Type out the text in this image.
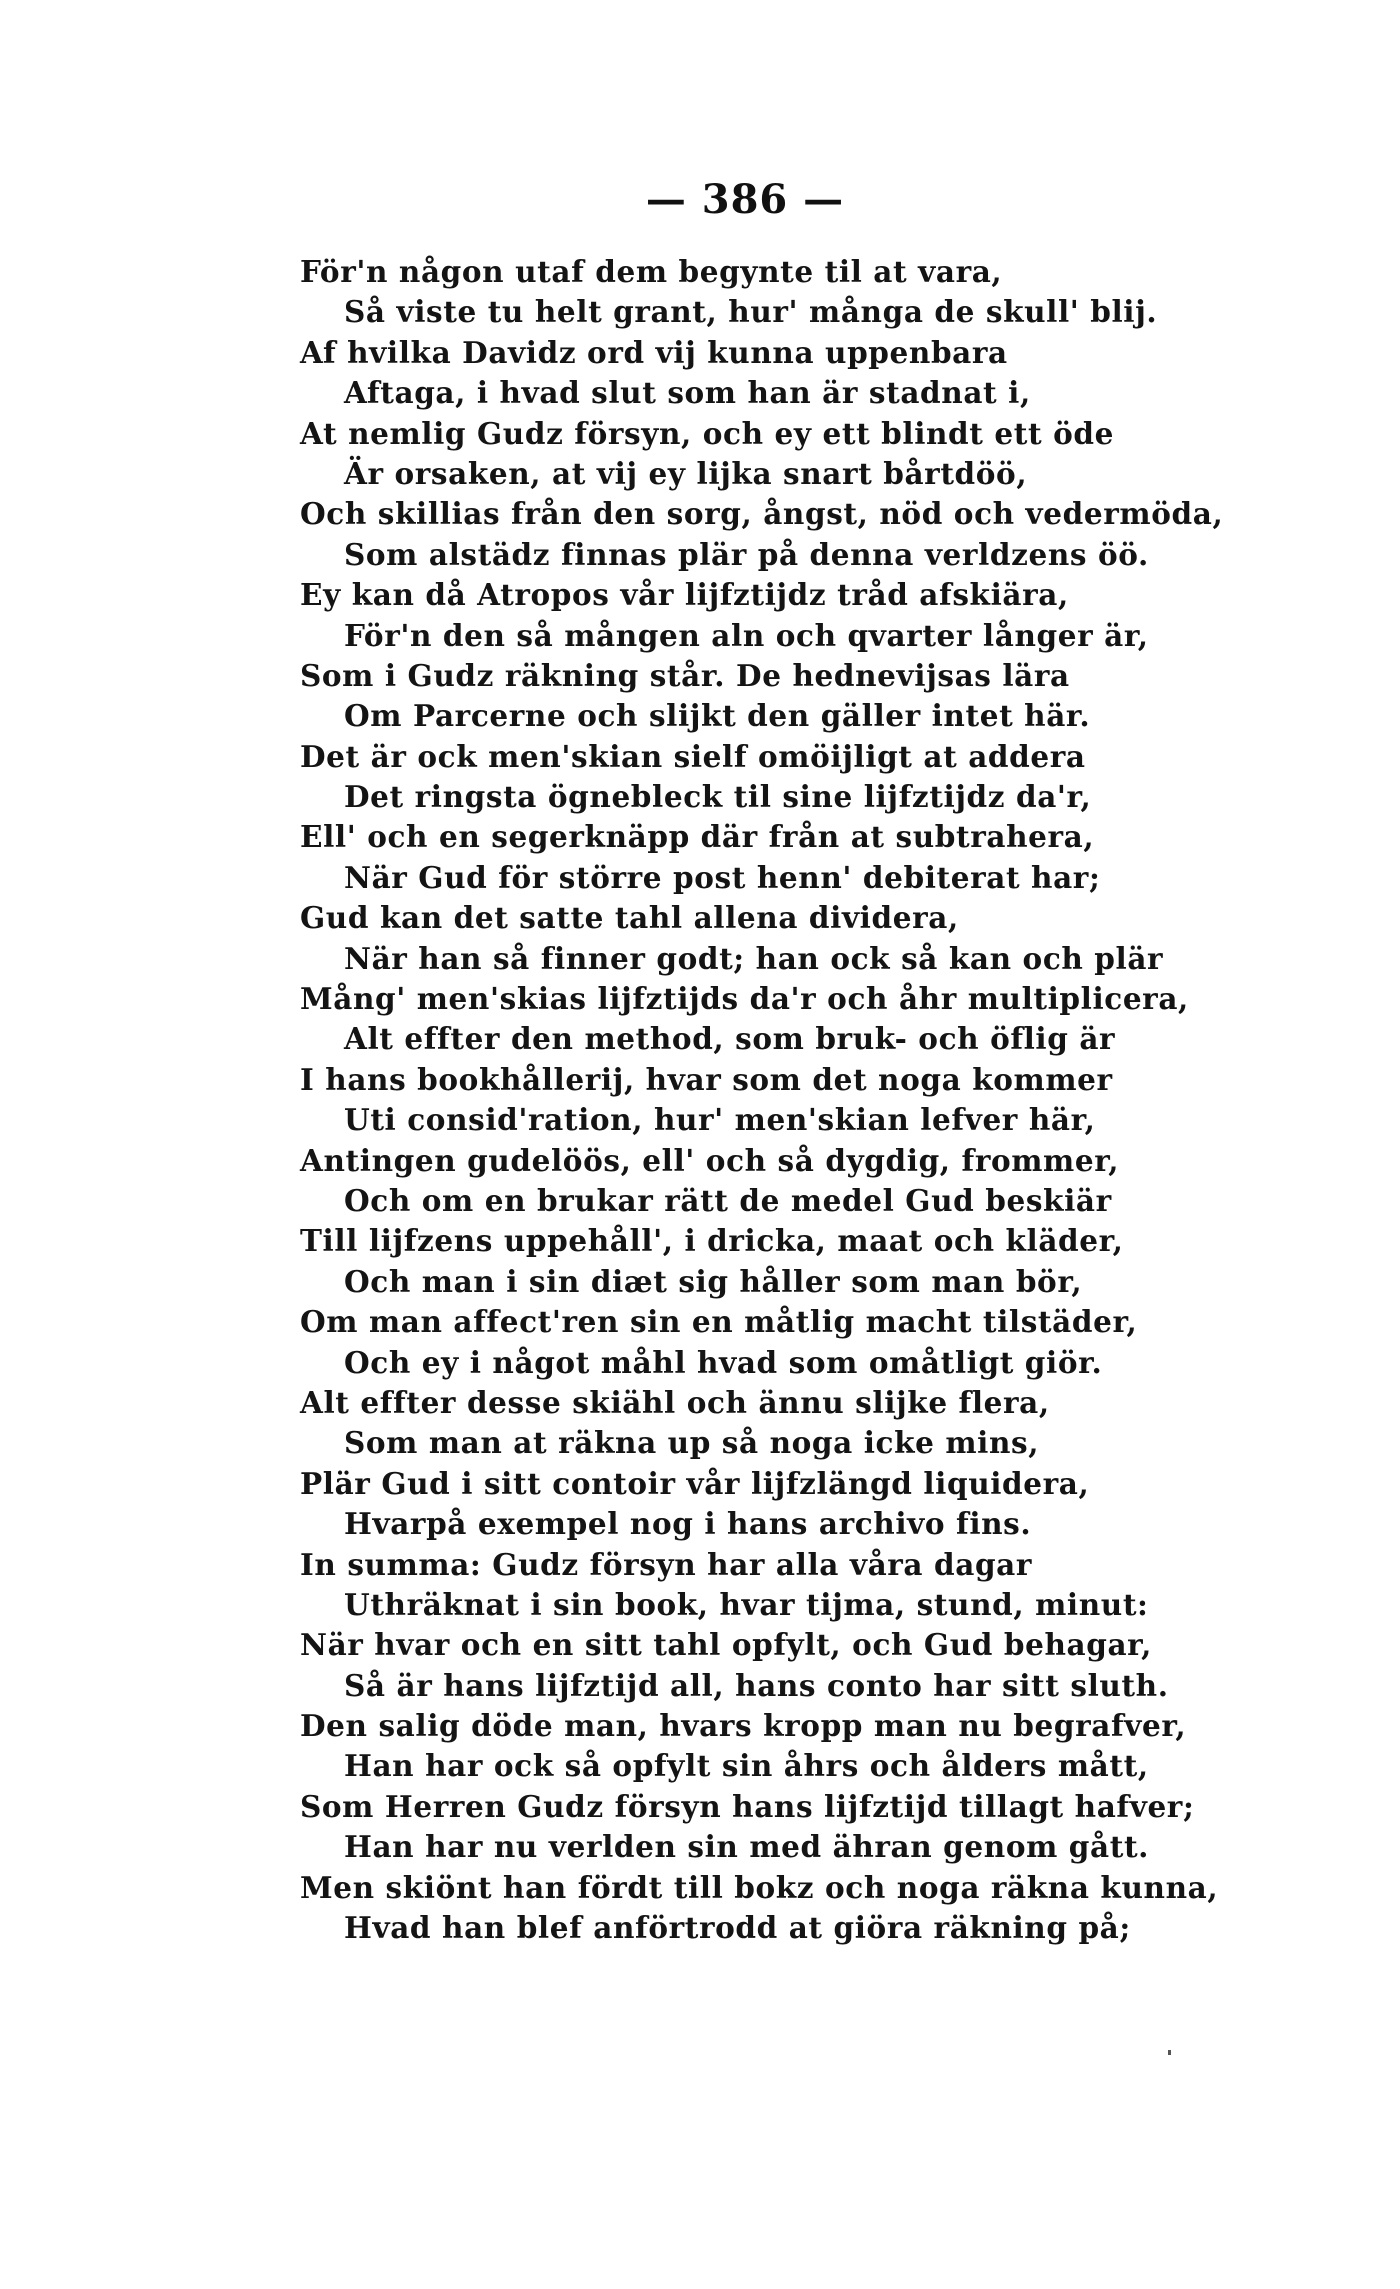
— 386 —
För'n någon utaf dem begynte til at vara,
Så viste tu helt grant, hur' många de skull' blij.
Af hvilka Davidz ord vij kunna uppenbara
Aftaga, i hvad slut som han är stadnat i,
At nemlig Gudz försyn, och ey ett blindt ett öde
Är orsaken, at vij ey lijka snart bårtdöö,
Och skillias från den sorg, ångst, nöd och vedermöda,
Som alstädz finnas plär på denna verldzens öö.
Ey kan då Atropos vår lijfztijdz tråd afskiära,
För'n den så mången aln och qvarter långer är,
Som i Gudz räkning står. De hednevijsas lära
Om Parcerne och slijkt den gäller intet här.
Det är ock men'skian sielf omöijligt at addera
Det ringsta ögnebleck til sine lijfztijdz da'r,
Ell' och en segerknäpp där från at subtrahera,
När Gud för större post henn' debiterat har;
Gud kan det satte tahl allena dividera,
När han så finner godt; han ock så kan och plär
Mång' men'skias lijfztijds da'r och åhr multiplicera,
Alt effter den method, som bruk- och öflig är
I hans bookhållerij, hvar som det noga kommer
Uti consid'ration, hur' men'skian lefver här,
Antingen gudelöös, ell' och så dygdig, frommer,
Och om en brukar rätt de medel Gud beskiär
Till lijfzens uppehåll', i dricka, maat och kläder,
Och man i sin diæt sig håller som man bör,
Om man affect'ren sin en måtlig macht tilstäder,
Och ey i något måhl hvad som omåtligt giör.
Alt effter desse skiähl och ännu slijke flera,
Som man at räkna up så noga icke mins,
Plär Gud i sitt contoir vår lijfzlängd liquidera,
Hvarpå exempel nog i hans archivo fins.
In summa: Gudz försyn har alla våra dagar
Uthräknat i sin book, hvar tijma, stund, minut:
När hvar och en sitt tahl opfylt, och Gud behagar,
Så är hans lijfztijd all, hans conto har sitt sluth.
Den salig döde man, hvars kropp man nu begrafver,
Han har ock så opfylt sin åhrs och ålders mått,
Som Herren Gudz försyn hans lijfztijd tillagt hafver;
Han har nu verlden sin med ähran genom gått.
Men skiönt han fördt till bokz och noga räkna kunna,
Hvad han blef anförtrodd at giöra räkning på;
